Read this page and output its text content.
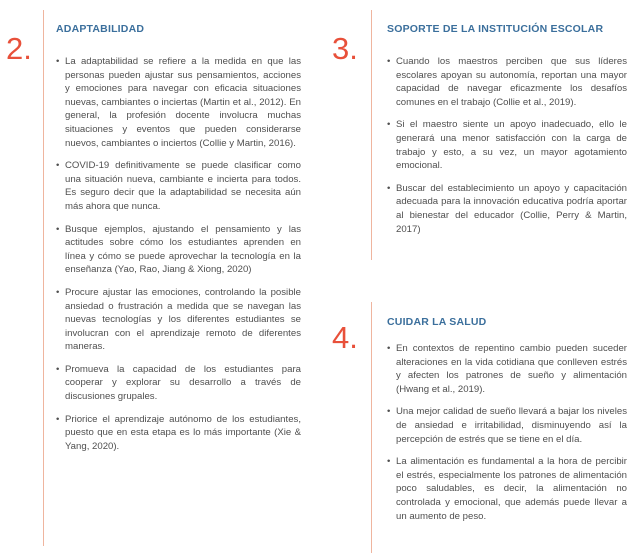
2.
ADAPTABILIDAD
• La adaptabilidad se refiere a la medida en que las personas pueden ajustar sus pensamientos, acciones y emociones para navegar con eficacia situaciones nuevas, cambiantes o inciertas (Martin et al., 2012). En general, la profesión docente involucra muchas situaciones y eventos que pueden considerarse nuevos, cambiantes o inciertos (Collie y Martin, 2016).
• COVID-19 definitivamente se puede clasificar como una situación nueva, cambiante e incierta para todos. Es seguro decir que la adaptabilidad se necesita aún más ahora que nunca.
• Busque ejemplos, ajustando el pensamiento y las actitudes sobre cómo los estudiantes aprenden en línea y cómo se puede aprovechar la tecnología en la enseñanza (Yao, Rao, Jiang & Xiong, 2020)
• Procure ajustar las emociones, controlando la posible ansiedad o frustración a medida que se navegan las nuevas tecnologías y los diferentes estudiantes se involucran con el aprendizaje remoto de diferentes maneras.
• Promueva la capacidad de los estudiantes para cooperar y explorar su desarrollo a través de discusiones grupales.
• Priorice el aprendizaje autónomo de los estudiantes, puesto que en esta etapa es lo más importante (Xie & Yang, 2020).
3.
SOPORTE DE LA INSTITUCIÓN ESCOLAR
• Cuando los maestros perciben que sus líderes escolares apoyan su autonomía, reportan una mayor capacidad de navegar eficazmente los desafíos comunes en el trabajo (Collie et al., 2019).
• Si el maestro siente un apoyo inadecuado, ello le generará una menor satisfacción con la carga de trabajo y esto, a su vez, un mayor agotamiento emocional.
• Buscar del establecimiento un apoyo y capacitación adecuada para la innovación educativa podría aportar al bienestar del educador (Collie, Perry & Martin, 2017)
4.	CUIDAR LA SALUD
• En contextos de repentino cambio pueden suceder alteraciones en la vida cotidiana que conlleven estrés y afecten los patrones de sueño y alimentación (Hwang et al., 2019).
• Una mejor calidad de sueño llevará a bajar los niveles de ansiedad e irritabilidad, disminuyendo así la percepción de estrés que se tiene en el día.
• La alimentación es fundamental a la hora de percibir el estrés, especialmente los patrones de alimentación poco saludables, es decir, la alimentación no controlada y emocional, que además puede llevar a un aumento de peso.
